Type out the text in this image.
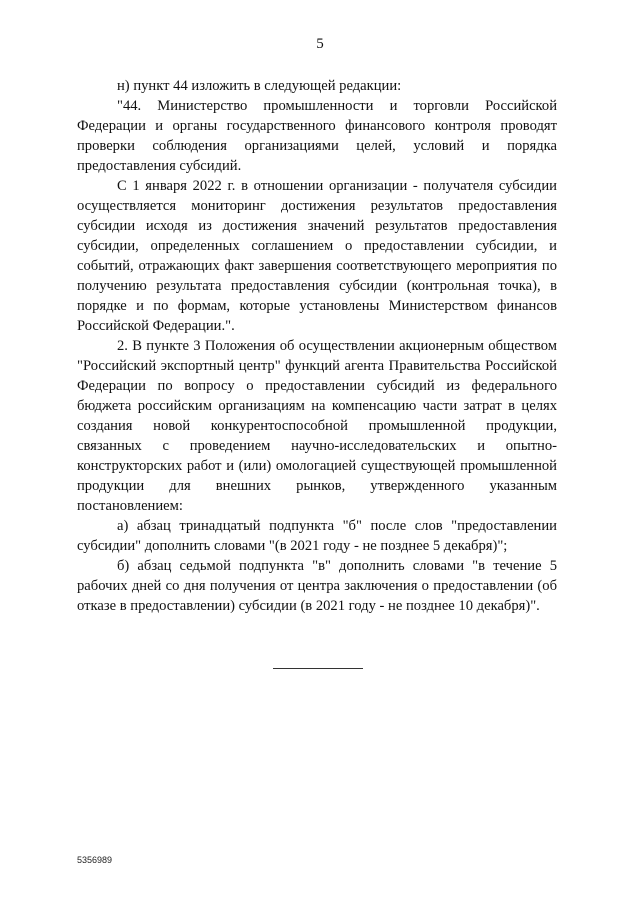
5

н) пункт 44 изложить в следующей редакции:

"44. Министерство промышленности и торговли Российской Федерации и органы государственного финансового контроля проводят проверки соблюдения организациями целей, условий и порядка предоставления субсидий.

С 1 января 2022 г. в отношении организации - получателя субсидии осуществляется мониторинг достижения результатов предоставления субсидии исходя из достижения значений результатов предоставления субсидии, определенных соглашением о предоставлении субсидии, и событий, отражающих факт завершения соответствующего мероприятия по получению результата предоставления субсидии (контрольная точка), в порядке и по формам, которые установлены Министерством финансов Российской Федерации.".

2. В пункте 3 Положения об осуществлении акционерным обществом "Российский экспортный центр" функций агента Правительства Российской Федерации по вопросу о предоставлении субсидий из федерального бюджета российским организациям на компенсацию части затрат в целях создания новой конкурентоспособной промышленной продукции, связанных с проведением научно-исследовательских и опытно-конструкторских работ и (или) омологацией существующей промышленной продукции для внешних рынков, утвержденного указанным постановлением:

а) абзац тринадцатый подпункта "б" после слов "предоставлении субсидии" дополнить словами "(в 2021 году - не позднее 5 декабря)";

б) абзац седьмой подпункта "в" дополнить словами "в течение 5 рабочих дней со дня получения от центра заключения о предоставлении (об отказе в предоставлении) субсидии (в 2021 году - не позднее 10 декабря)".

5356989
